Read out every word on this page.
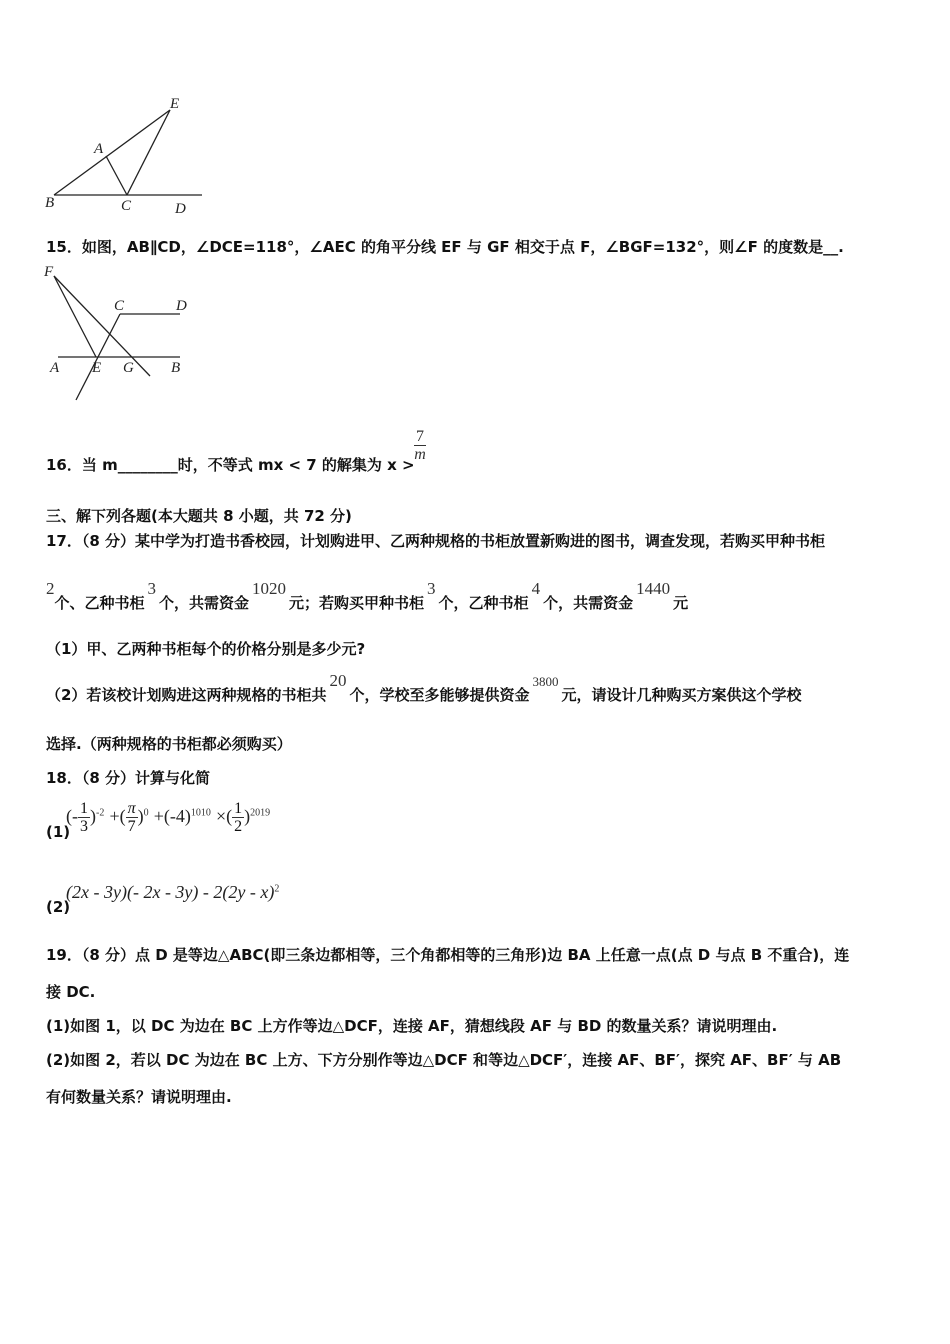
E
A
B	C	D
15．如图，AB∥CD，∠DCE=118°，∠AEC 的角平分线 EF 与 GF 相交于点 F，∠BGF=132°，则∠F 的度数是__.
F
C	D
A E G B
16．当 m________时，不等式 mx < 7 的解集为 x >
$\frac{7}{m}$
三、解下列各题(本大题共 8 小题，共 72 分)
17．（8 分）某中学为打造书香校园，计划购进甲、乙两种规格的书柜放置新购进的图书，调查发现，若购买甲种书柜
2个、乙种书柜3个，共需资金1020元；若购买甲种书柜3个，乙种书柜4个，共需资金1440元
（1）甲、乙两种书柜每个的价格分别是多少元?
（2）若该校计划购进这两种规格的书柜共20个，学校至多能够提供资金3800元，请设计几种购买方案供这个学校
选择.（两种规格的书柜都必须购买）
18．（8 分）计算与化简
(1)
(- $\frac{1}{3} )^{-2}$ +( $\frac{\pi}{7} )^0 +(-4)^{1010}$ ×( $\frac{1}{2} )^{2019}$
(2)
(2x - 3y)(- 2x - 3y) - 2(2y - x)$^2$
19．（8 分）点 D 是等边△ABC(即三条边都相等，三个角都相等的三角形)边 BA 上任意一点(点 D 与点 B 不重合)，连
接 DC.
(1)如图 1，以 DC 为边在 BC 上方作等边△DCF，连接 AF，猜想线段 AF 与 BD 的数量关系？请说明理由.
(2)如图 2，若以 DC 为边在 BC 上方、下方分别作等边△DCF 和等边△DCF′，连接 AF、BF′，探究 AF、BF′ 与 AB
有何数量关系？请说明理由.
